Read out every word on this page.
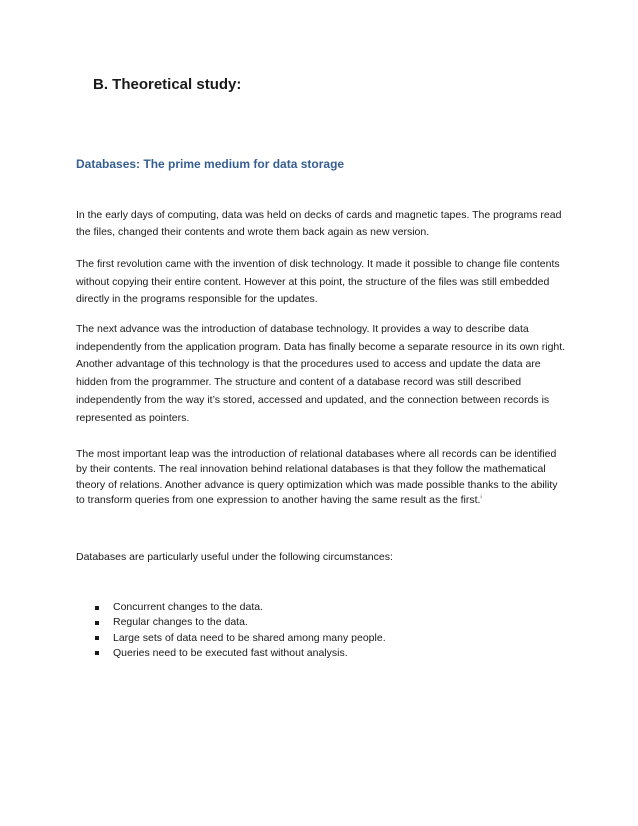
B. Theoretical study:
Databases: The prime medium for data storage

In the early days of computing, data was held on decks of cards and magnetic tapes. The programs read the files, changed their contents and wrote them back again as new version.

The first revolution came with the invention of disk technology. It made it possible to change file contents without copying their entire content. However at this point, the structure of the files was still embedded directly in the programs responsible for the updates.

The next advance was the introduction of database technology. It provides a way to describe data independently from the application program. Data has finally become a separate resource in its own right. Another advantage of this technology is that the procedures used to access and update the data are hidden from the programmer. The structure and content of a database record was still described independently from the way it’s stored, accessed and updated, and the connection between records is represented as pointers.

The most important leap was the introduction of relational databases where all records can be identified by their contents. The real innovation behind relational databases is that they follow the mathematical theory of relations. Another advance is query optimization which was made possible thanks to the ability to transform queries from one expression to another having the same result as the first.$^i$

Databases are particularly useful under the following circumstances:

Concurrent changes to the data.
Regular changes to the data.
Large sets of data need to be shared among many people.
Queries need to be executed fast without analysis.
